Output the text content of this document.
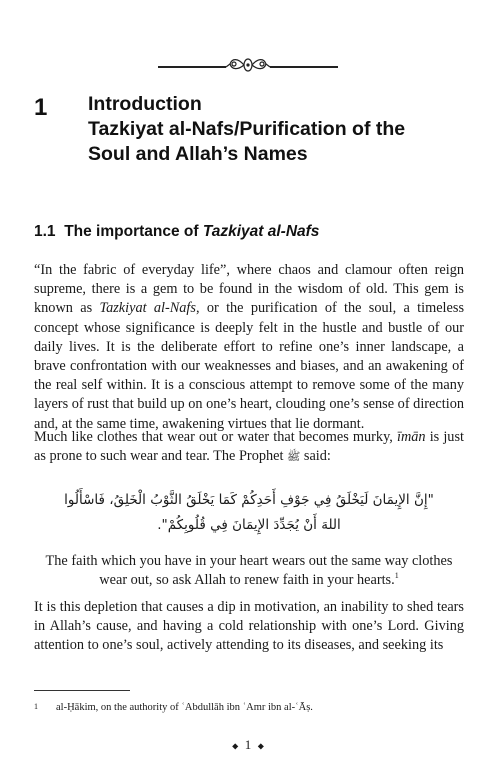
1 Introduction
Tazkiyat al-Nafs/Purification of the
Soul and Allah’s Names
1.1 The importance of Tazkiyat al-Nafs

“In the fabric of everyday life”, where chaos and clamour often reign supreme, there is a gem to be found in the wisdom of old. This gem is known as Tazkiyat al-Nafs, or the purification of the soul, a timeless concept whose significance is deeply felt in the hustle and bustle of our daily lives. It is the deliberate effort to refine one’s inner landscape, a brave confrontation with our weaknesses and biases, and an awakening of the real self within. It is a conscious attempt to remove some of the many layers of rust that build up on one’s heart, clouding one’s sense of direction and, at the same time, awakening virtues that lie dormant.

Much like clothes that wear out or water that becomes murky, īmān is just as prone to such wear and tear. The Prophet ﷺ said:

"إِنَّ الإِيمَانَ لَيَخْلَقُ فِي جَوْفِ أَحَدِكُمْ كَمَا يَخْلَقُ الثَّوْبُ الْخَلِقُ، فَاسْأَلُوا
اللهَ أَنْ يُجَدِّدَ الإِيمَانَ فِي قُلُوبِكُمْ".
The faith which you have in your heart wears out the same way clothes
wear out, so ask Allah to renew faith in your hearts.$^1$

It is this depletion that causes a dip in motivation, an inability to shed tears in Allah’s cause, and having a cold relationship with one’s Lord. Giving attention to one’s soul, actively attending to its diseases, and seeking its

1 al-Ḥākim, on the authority of ʿAbdullāh ibn ʿAmr ibn al-ʿĀṣ.
◆ 1 ◆
